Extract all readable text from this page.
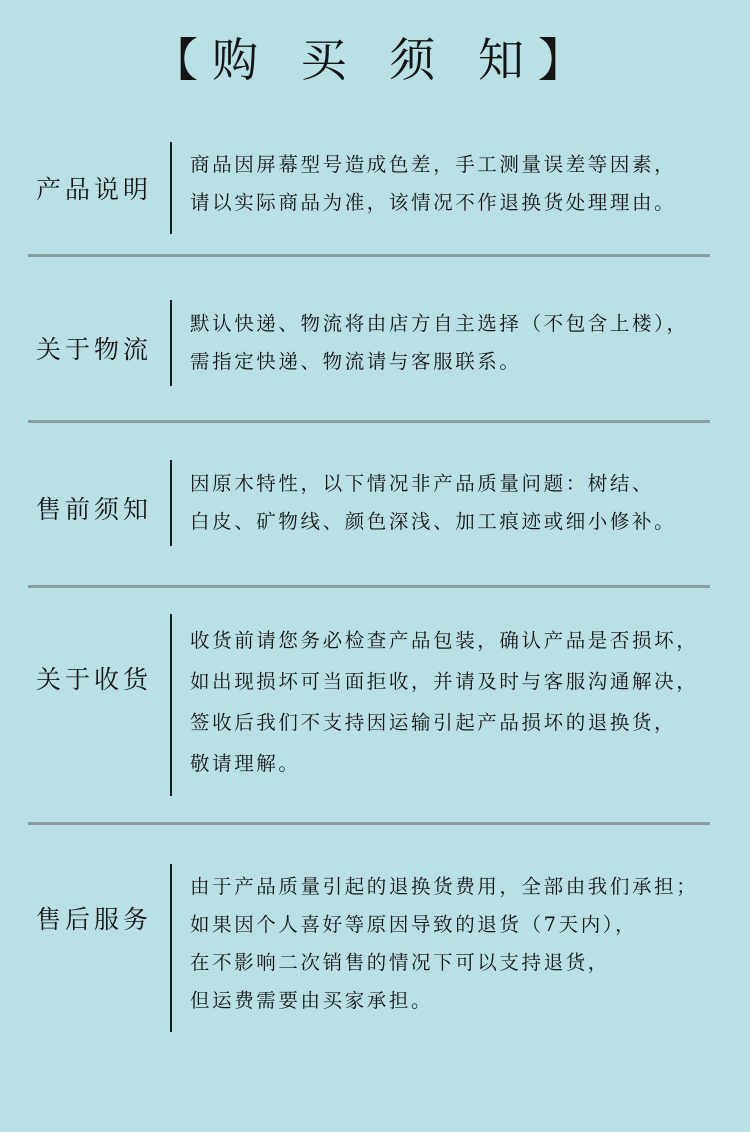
【购 买 须 知】
产品说明
商品因屏幕型号造成色差，手工测量误差等因素，
请以实际商品为准，该情况不作退换货处理理由。
关于物流
默认快递、物流将由店方自主选择（不包含上楼），
需指定快递、物流请与客服联系。
售前须知
因原木特性，以下情况非产品质量问题：树结、
白皮、矿物线、颜色深浅、加工痕迹或细小修补。
关于收货
收货前请您务必检查产品包装，确认产品是否损坏，
如出现损坏可当面拒收，并请及时与客服沟通解决，
签收后我们不支持因运输引起产品损坏的退换货，
敬请理解。
售后服务
由于产品质量引起的退换货费用，全部由我们承担；
如果因个人喜好等原因导致的退货（7天内），
在不影响二次销售的情况下可以支持退货，
但运费需要由买家承担。
